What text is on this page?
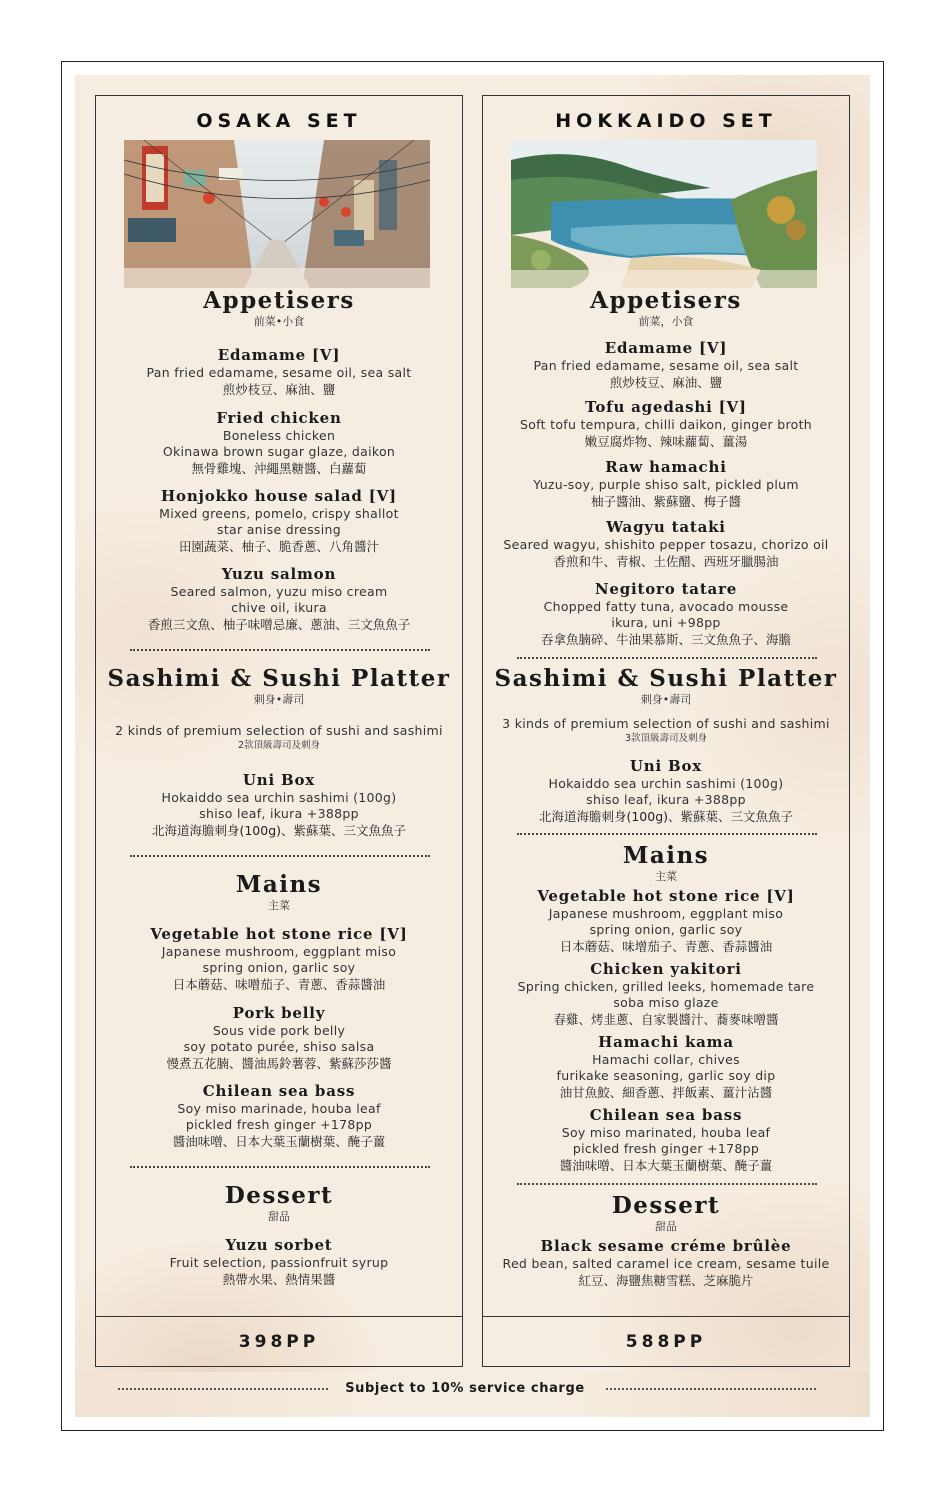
OSAKA SET
Appetisers
前菜•小食
Edamame [V]
Pan fried edamame, sesame oil, sea salt
煎炒枝豆、麻油、鹽
Fried chicken
Boneless chicken
Okinawa brown sugar glaze, daikon
無骨雞塊、沖繩黑糖醬、白蘿蔔
Honjokko house salad [V]
Mixed greens, pomelo, crispy shallot
star anise dressing
田園蔬菜、柚子、脆香蔥、八角醬汁
Yuzu salmon
Seared salmon, yuzu miso cream
chive oil, ikura
香煎三文魚、柚子味噌忌廉、蔥油、三文魚魚子
Sashimi & Sushi Platter
刺身•壽司
2 kinds of premium selection of sushi and sashimi
2款頂級壽司及刺身
Uni Box
Hokaiddo sea urchin sashimi (100g)
shiso leaf, ikura +388pp
北海道海膽刺身(100g)、紫蘇葉、三文魚魚子
Mains
主菜
Vegetable hot stone rice [V]
Japanese mushroom, eggplant miso
spring onion, garlic soy
日本蘑菇、味噌茄子、青蔥、香蒜醬油
Pork belly
Sous vide pork belly
soy potato purée, shiso salsa
慢煮五花腩、醬油馬鈴薯蓉、紫蘇莎莎醬
Chilean sea bass
Soy miso marinade, houba leaf
pickled fresh ginger +178pp
醬油味噌、日本大葉玉蘭樹葉、醃子薑
Dessert
甜品
Yuzu sorbet
Fruit selection, passionfruit syrup
熱帶水果、熱情果醬
398PP
HOKKAIDO SET
Appetisers
前菜，小食
Edamame [V]
Pan fried edamame, sesame oil, sea salt
煎炒枝豆、麻油、鹽
Tofu agedashi [V]
Soft tofu tempura, chilli daikon, ginger broth
嫩豆腐炸物、辣味蘿蔔、薑湯
Raw hamachi
Yuzu-soy, purple shiso salt, pickled plum
柚子醬油、紫蘇鹽、梅子醬
Wagyu tataki
Seared wagyu, shishito pepper tosazu, chorizo oil
香煎和牛、青椒、土佐醋、西班牙臘腸油
Negitoro tatare
Chopped fatty tuna, avocado mousse
ikura, uni +98pp
吞拿魚腩碎、牛油果慕斯、三文魚魚子、海膽
Sashimi & Sushi Platter
刺身•壽司
3 kinds of premium selection of sushi and sashimi
3款頂級壽司及刺身
Uni Box
Hokaiddo sea urchin sashimi (100g)
shiso leaf, ikura +388pp
北海道海膽刺身(100g)、紫蘇葉、三文魚魚子
Mains
主菜
Vegetable hot stone rice [V]
Japanese mushroom, eggplant miso
spring onion, garlic soy
日本蘑菇、味增茄子、青蔥、香蒜醬油
Chicken yakitori
Spring chicken, grilled leeks, homemade tare
soba miso glaze
春雞、烤韭蔥、自家製醬汁、蕎麥味噌醬
Hamachi kama
Hamachi collar, chives
furikake seasoning, garlic soy dip
油甘魚鮫、細香蔥、拌飯素、薑汁沾醬
Chilean sea bass
Soy miso marinated, houba leaf
pickled fresh ginger +178pp
醬油味噌、日本大葉玉蘭樹葉、醃子薑
Dessert
甜品
Black sesame créme brûlèe
Red bean, salted caramel ice cream, sesame tuile
紅豆、海鹽焦糖雪糕、芝麻脆片
588PP
Subject to 10% service charge
